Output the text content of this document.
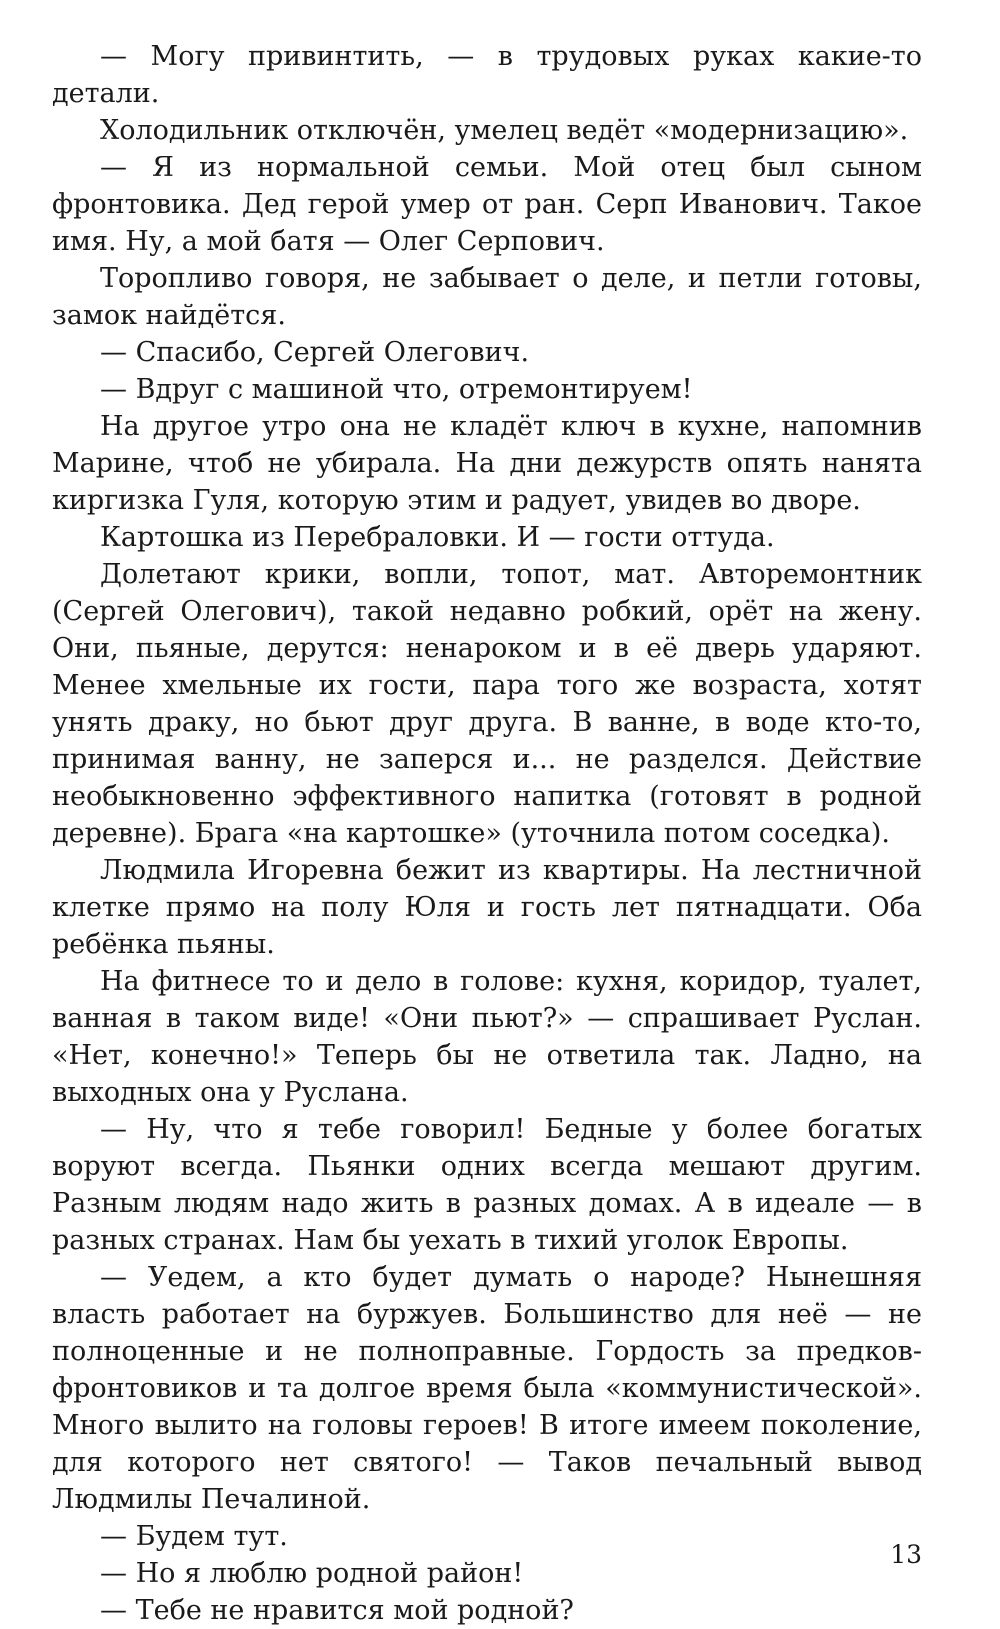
— Могу привинтить, — в трудовых руках какие-то детали.

Холодильник отключён, умелец ведёт «модернизацию».

— Я из нормальной семьи. Мой отец был сыном фронтовика. Дед герой умер от ран. Серп Иванович. Такое имя. Ну, а мой батя — Олег Серпович.

Торопливо говоря, не забывает о деле, и петли готовы, замок найдётся.

— Спасибо, Сергей Олегович.

— Вдруг с машиной что, отремонтируем!

На другое утро она не кладёт ключ в кухне, напомнив Марине, чтоб не убирала. На дни дежурств опять нанята киргизка Гуля, которую этим и радует, увидев во дворе.

Картошка из Перебраловки. И — гости оттуда.

Долетают крики, вопли, топот, мат. Авторемонтник (Сергей Олегович), такой недавно робкий, орёт на жену. Они, пьяные, дерутся: ненароком и в её дверь ударяют. Менее хмельные их гости, пара того же возраста, хотят унять драку, но бьют друг друга. В ванне, в воде кто-то, принимая ванну, не заперся и... не разделся. Действие необыкновенно эффективного напитка (готовят в родной деревне). Брага «на картошке» (уточнила потом соседка).

Людмила Игоревна бежит из квартиры. На лестничной клетке прямо на полу Юля и гость лет пятнадцати. Оба ребёнка пьяны.

На фитнесе то и дело в голове: кухня, коридор, туалет, ванная в таком виде! «Они пьют?» — спрашивает Руслан. «Нет, конечно!» Теперь бы не ответила так. Ладно, на выходных она у Руслана.

— Ну, что я тебе говорил! Бедные у более богатых воруют всегда. Пьянки одних всегда мешают другим. Разным людям надо жить в разных домах. А в идеале — в разных странах. Нам бы уехать в тихий уголок Европы.

— Уедем, а кто будет думать о народе? Нынешняя власть работает на буржуев. Большинство для неё — не полноценные и не полноправные. Гордость за предков-фронтовиков и та долгое время была «коммунистической». Много вылито на головы героев! В итоге имеем поколение, для которого нет святого! — Таков печальный вывод Людмилы Печалиной.

— Будем тут.

— Но я люблю родной район!

— Тебе не нравится мой родной?

13
